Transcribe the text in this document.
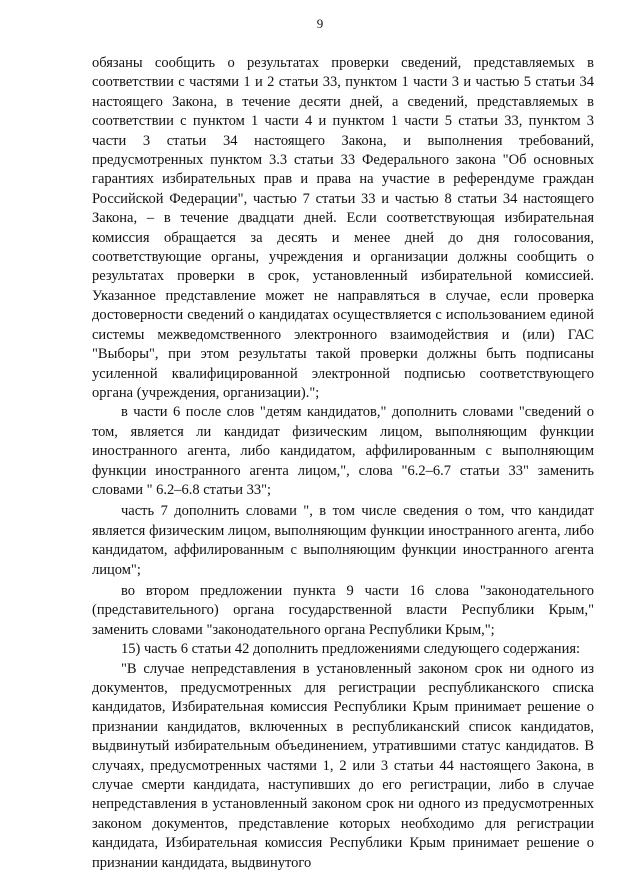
9

обязаны сообщить о результатах проверки сведений, представляемых в соответствии с частями 1 и 2 статьи 33, пунктом 1 части 3 и частью 5 статьи 34 настоящего Закона, в течение десяти дней, а сведений, представляемых в соответствии с пунктом 1 части 4 и пунктом 1 части 5 статьи 33, пунктом 3 части 3 статьи 34 настоящего Закона, и выполнения требований, предусмотренных пунктом 3.3 статьи 33 Федерального закона "Об основных гарантиях избирательных прав и права на участие в референдуме граждан Российской Федерации", частью 7 статьи 33 и частью 8 статьи 34 настоящего Закона, – в течение двадцати дней. Если соответствующая избирательная комиссия обращается за десять и менее дней до дня голосования, соответствующие органы, учреждения и организации должны сообщить о результатах проверки в срок, установленный избирательной комиссией. Указанное представление может не направляться в случае, если проверка достоверности сведений о кандидатах осуществляется с использованием единой системы межведомственного электронного взаимодействия и (или) ГАС "Выборы", при этом результаты такой проверки должны быть подписаны усиленной квалифицированной электронной подписью соответствующего органа (учреждения, организации).";

в части 6 после слов "детям кандидатов," дополнить словами "сведений о том, является ли кандидат физическим лицом, выполняющим функции иностранного агента, либо кандидатом, аффилированным с выполняющим функции иностранного агента лицом,", слова "6.2–6.7 статьи 33" заменить словами " 6.2–6.8 статьи 33";

часть 7 дополнить словами ", в том числе сведения о том, что кандидат является физическим лицом, выполняющим функции иностранного агента, либо кандидатом, аффилированным с выполняющим функции иностранного агента лицом";

во втором предложении пункта 9 части 16 слова "законодательного (представительного) органа государственной власти Республики Крым," заменить словами "законодательного органа Республики Крым,";

15) часть 6 статьи 42 дополнить предложениями следующего содержания:

"В случае непредставления в установленный законом срок ни одного из документов, предусмотренных для регистрации республиканского списка кандидатов, Избирательная комиссия Республики Крым принимает решение о признании кандидатов, включенных в республиканский список кандидатов, выдвинутый избирательным объединением, утратившими статус кандидатов. В случаях, предусмотренных частями 1, 2 или 3 статьи 44 настоящего Закона, в случае смерти кандидата, наступивших до его регистрации, либо в случае непредставления в установленный законом срок ни одного из предусмотренных законом документов, представление которых необходимо для регистрации кандидата, Избирательная комиссия Республики Крым принимает решение о признании кандидата, выдвинутого
